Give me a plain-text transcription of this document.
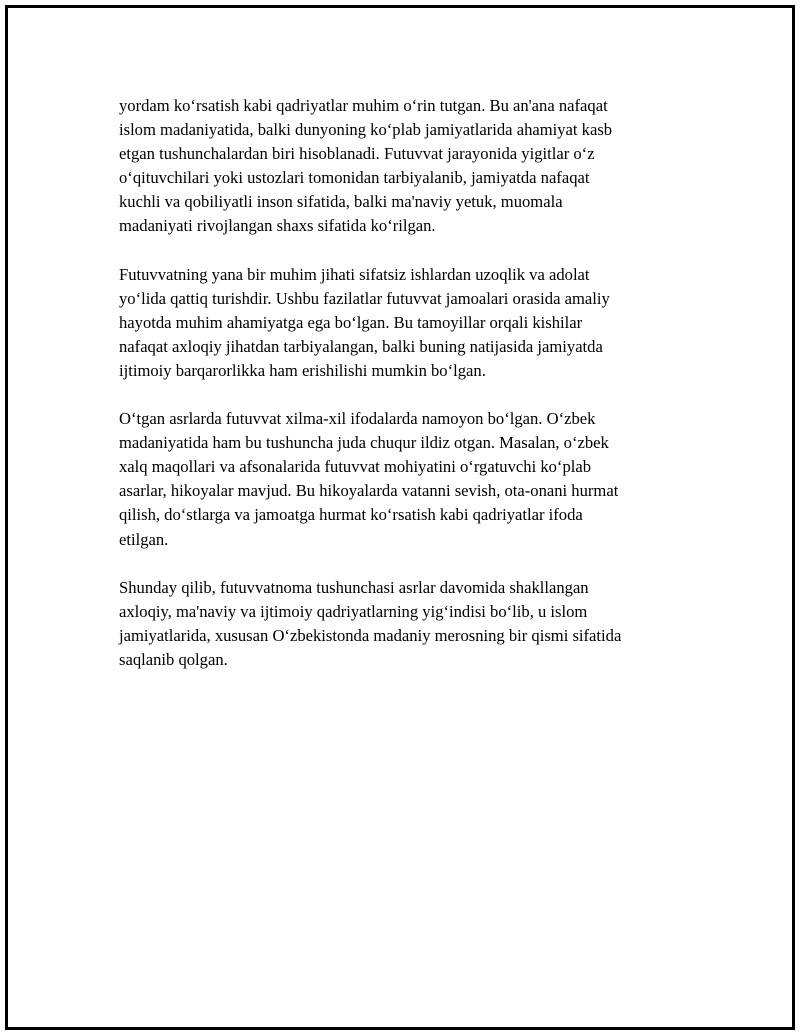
yordam ko‘rsatish kabi qadriyatlar muhim o‘rin tutgan. Bu an'ana nafaqat
islom madaniyatida, balki dunyoning ko‘plab jamiyatlarida ahamiyat kasb
etgan tushunchalardan biri hisoblanadi. Futuvvat jarayonida yigitlar o‘z
o‘qituvchilari yoki ustozlari tomonidan tarbiyalanib, jamiyatda nafaqat
kuchli va qobiliyatli inson sifatida, balki ma'naviy yetuk, muomala
madaniyati rivojlangan shaxs sifatida ko‘rilgan.

Futuvvatning yana bir muhim jihati sifatsiz ishlardan uzoqlik va adolat
yo‘lida qattiq turishdir. Ushbu fazilatlar futuvvat jamoalari orasida amaliy
hayotda muhim ahamiyatga ega bo‘lgan. Bu tamoyillar orqali kishilar
nafaqat axloqiy jihatdan tarbiyalangan, balki buning natijasida jamiyatda
ijtimoiy barqarorlikka ham erishilishi mumkin bo‘lgan.

O‘tgan asrlarda futuvvat xilma-xil ifodalarda namoyon bo‘lgan. O‘zbek
madaniyatida ham bu tushuncha juda chuqur ildiz otgan. Masalan, o‘zbek
xalq maqollari va afsonalarida futuvvat mohiyatini o‘rgatuvchi ko‘plab
asarlar, hikoyalar mavjud. Bu hikoyalarda vatanni sevish, ota-onani hurmat
qilish, do‘stlarga va jamoatga hurmat ko‘rsatish kabi qadriyatlar ifoda
etilgan.

Shunday qilib, futuvvatnoma tushunchasi asrlar davomida shakllangan
axloqiy, ma'naviy va ijtimoiy qadriyatlarning yig‘indisi bo‘lib, u islom
jamiyatlarida, xususan O‘zbekistonda madaniy merosning bir qismi sifatida
saqlanib qolgan.
